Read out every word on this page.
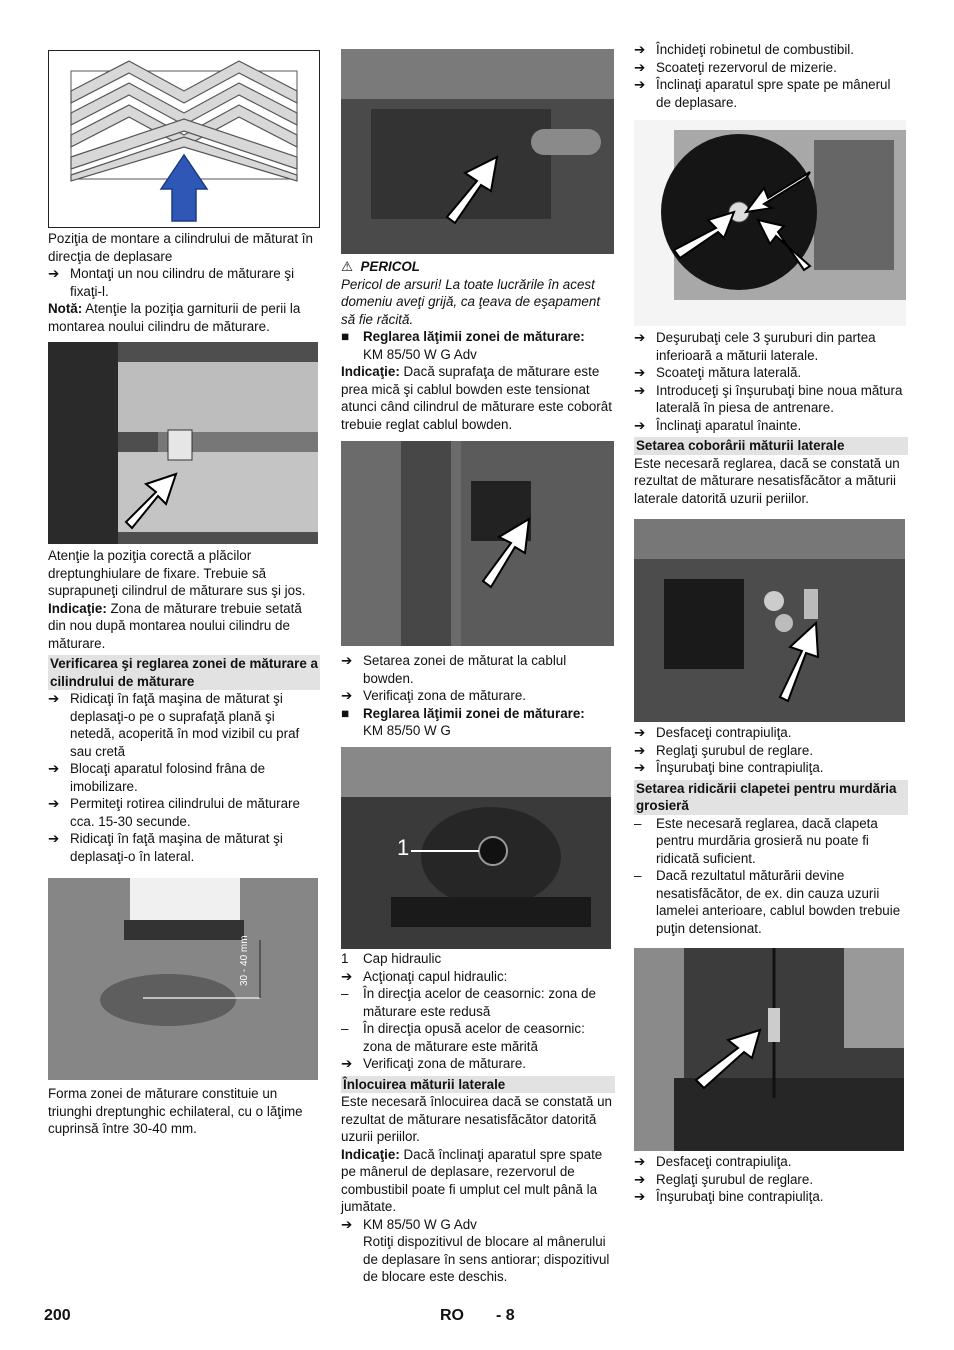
Poziţia de montare a cilindrului de măturat în direcţia de deplasare

➔ Montaţi un nou cilindru de măturare şi fixaţi-l.

Notă: Atenţie la poziţia garniturii de perii la montarea noului cilindru de măturare.

Atenţie la poziţia corectă a plăcilor dreptunghiulare de fixare. Trebuie să suprapuneţi cilindrul de măturare sus şi jos.

Indicaţie: Zona de măturare trebuie setată din nou după montarea noului cilindru de măturare.

Verificarea şi reglarea zonei de măturare a cilindrului de măturare

➔ Ridicaţi în faţă maşina de măturat şi deplasaţi-o pe o suprafaţă plană şi netedă, acoperită în mod vizibil cu praf sau cretă

➔ Blocaţi aparatul folosind frâna de imobilizare.

➔ Permiteţi rotirea cilindrului de măturare cca. 15-30 secunde.

➔ Ridicaţi în faţă maşina de măturat şi deplasaţi-o în lateral.

30 - 40 mm

Forma zonei de măturare constituie un triunghi dreptunghic echilateral, cu o lăţime cuprinsă între 30-40 mm.

⚠ PERICOL

Pericol de arsuri! La toate lucrările în acest domeniu aveţi grijă, ca ţeava de eşapament să fie răcită.

■	Reglarea lăţimii zonei de măturare:
KM 85/50 W G Adv

Indicaţie: Dacă suprafaţa de măturare este prea mică şi cablul bowden este tensionat atunci când cilindrul de măturare este coborât trebuie reglat cablul bowden.

➔ Setarea zonei de măturat la cablul bowden.

➔ Verificaţi zona de măturare.

■	Reglarea lăţimii zonei de măturare:
KM 85/50 W G

1

1	Cap hidraulic

➔ Acţionaţi capul hidraulic:

–	În direcţia acelor de ceasornic: zona de măturare este redusă

–	În direcţia opusă acelor de ceasornic: zona de măturare este mărită

➔ Verificaţi zona de măturare.

Înlocuirea măturii laterale

Este necesară înlocuirea dacă se constată un rezultat de măturare nesatisfăcător datorită uzurii periilor.

Indicaţie: Dacă înclinaţi aparatul spre spate pe mânerul de deplasare, rezervorul de combustibil poate fi umplut cel mult până la jumătate.

➔ KM 85/50 W G Adv
Rotiţi dispozitivul de blocare al mânerului de deplasare în sens antiorar; dispozitivul de blocare este deschis.

➔ Închideţi robinetul de combustibil.

➔ Scoateţi rezervorul de mizerie.

➔ Înclinaţi aparatul spre spate pe mânerul de deplasare.

➔ Deşurubaţi cele 3 şuruburi din partea inferioară a măturii laterale.

➔ Scoateţi mătura laterală.

➔ Introduceţi şi înşurubaţi bine noua mătura laterală în piesa de antrenare.

➔ Înclinaţi aparatul înainte.

Setarea coborârii măturii laterale

Este necesară reglarea, dacă se constată un rezultat de măturare nesatisfăcător a măturii laterale datorită uzurii periilor.

➔ Desfaceţi contrapiuliţa.

➔ Reglaţi şurubul de reglare.

➔ Înşurubaţi bine contrapiuliţa.

Setarea ridicării clapetei pentru murdăria grosieră

–	Este necesară reglarea, dacă clapeta pentru murdăria grosieră nu poate fi ridicată suficient.

–	Dacă rezultatul măturării devine nesatisfăcător, de ex. din cauza uzurii lamelei anterioare, cablul bowden trebuie puţin detensionat.

➔ Desfaceţi contrapiuliţa.

➔ Reglaţi şurubul de reglare.

➔ Înşurubaţi bine contrapiuliţa.

200	RO - 8
